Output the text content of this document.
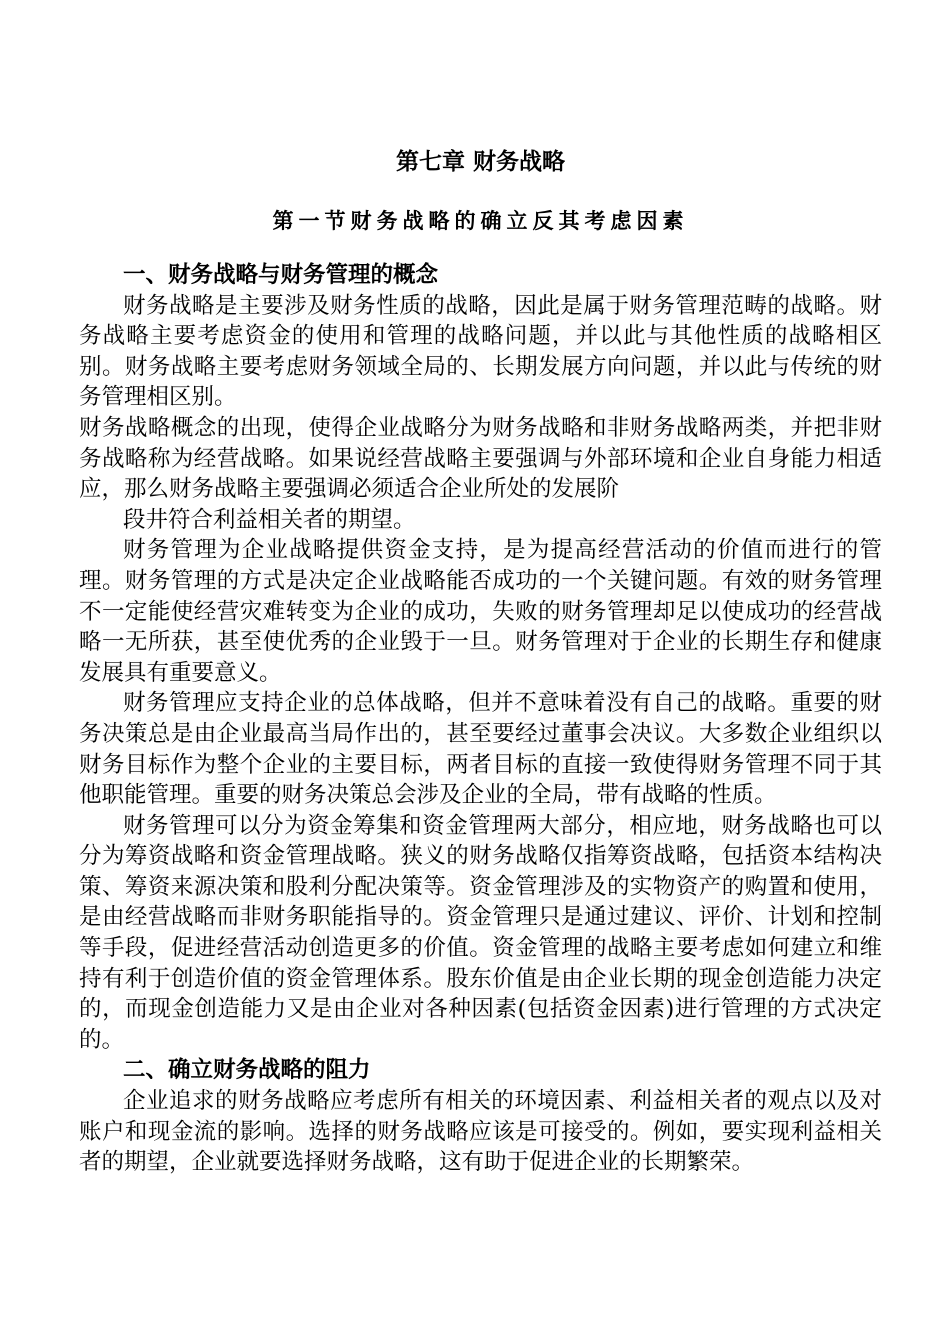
第七章 财务战略
第一节财务战略的确立反其考虑因素

一、财务战略与财务管理的概念

财务战略是主要涉及财务性质的战略，因此是属于财务管理范畴的战略。财务战略主要考虑资金的使用和管理的战略问题，并以此与其他性质的战略相区别。财务战略主要考虑财务领域全局的、长期发展方向问题，并以此与传统的财务管理相区别。

财务战略概念的出现，使得企业战略分为财务战略和非财务战略两类，并把非财务战略称为经营战略。如果说经营战略主要强调与外部环境和企业自身能力相适应，那么财务战略主要强调必须适合企业所处的发展阶

段井符合利益相关者的期望。

财务管理为企业战略提供资金支持，是为提高经营活动的价值而进行的管理。财务管理的方式是决定企业战略能否成功的一个关键问题。有效的财务管理不一定能使经营灾难转变为企业的成功，失败的财务管理却足以使成功的经营战略一无所获，甚至使优秀的企业毁于一旦。财务管理对于企业的长期生存和健康发展具有重要意义。

财务管理应支持企业的总体战略，但并不意味着没有自己的战略。重要的财务决策总是由企业最高当局作出的，甚至要经过董事会决议。大多数企业组织以财务目标作为整个企业的主要目标，两者目标的直接一致使得财务管理不同于其他职能管理。重要的财务决策总会涉及企业的全局，带有战略的性质。

财务管理可以分为资金筹集和资金管理两大部分，相应地，财务战略也可以分为筹资战略和资金管理战略。狭义的财务战略仅指筹资战略，包括资本结构决策、筹资来源决策和股利分配决策等。资金管理涉及的实物资产的购置和使用，是由经营战略而非财务职能指导的。资金管理只是通过建议、评价、计划和控制等手段，促进经营活动创造更多的价值。资金管理的战略主要考虑如何建立和维持有利于创造价值的资金管理体系。股东价值是由企业长期的现金创造能力决定的，而现金创造能力又是由企业对各种因素(包括资金因素)进行管理的方式决定的。

二、确立财务战略的阻力

企业追求的财务战略应考虑所有相关的环境因素、利益相关者的观点以及对账户和现金流的影响。选择的财务战略应该是可接受的。例如，要实现利益相关者的期望，企业就要选择财务战略，这有助于促进企业的长期繁荣。
